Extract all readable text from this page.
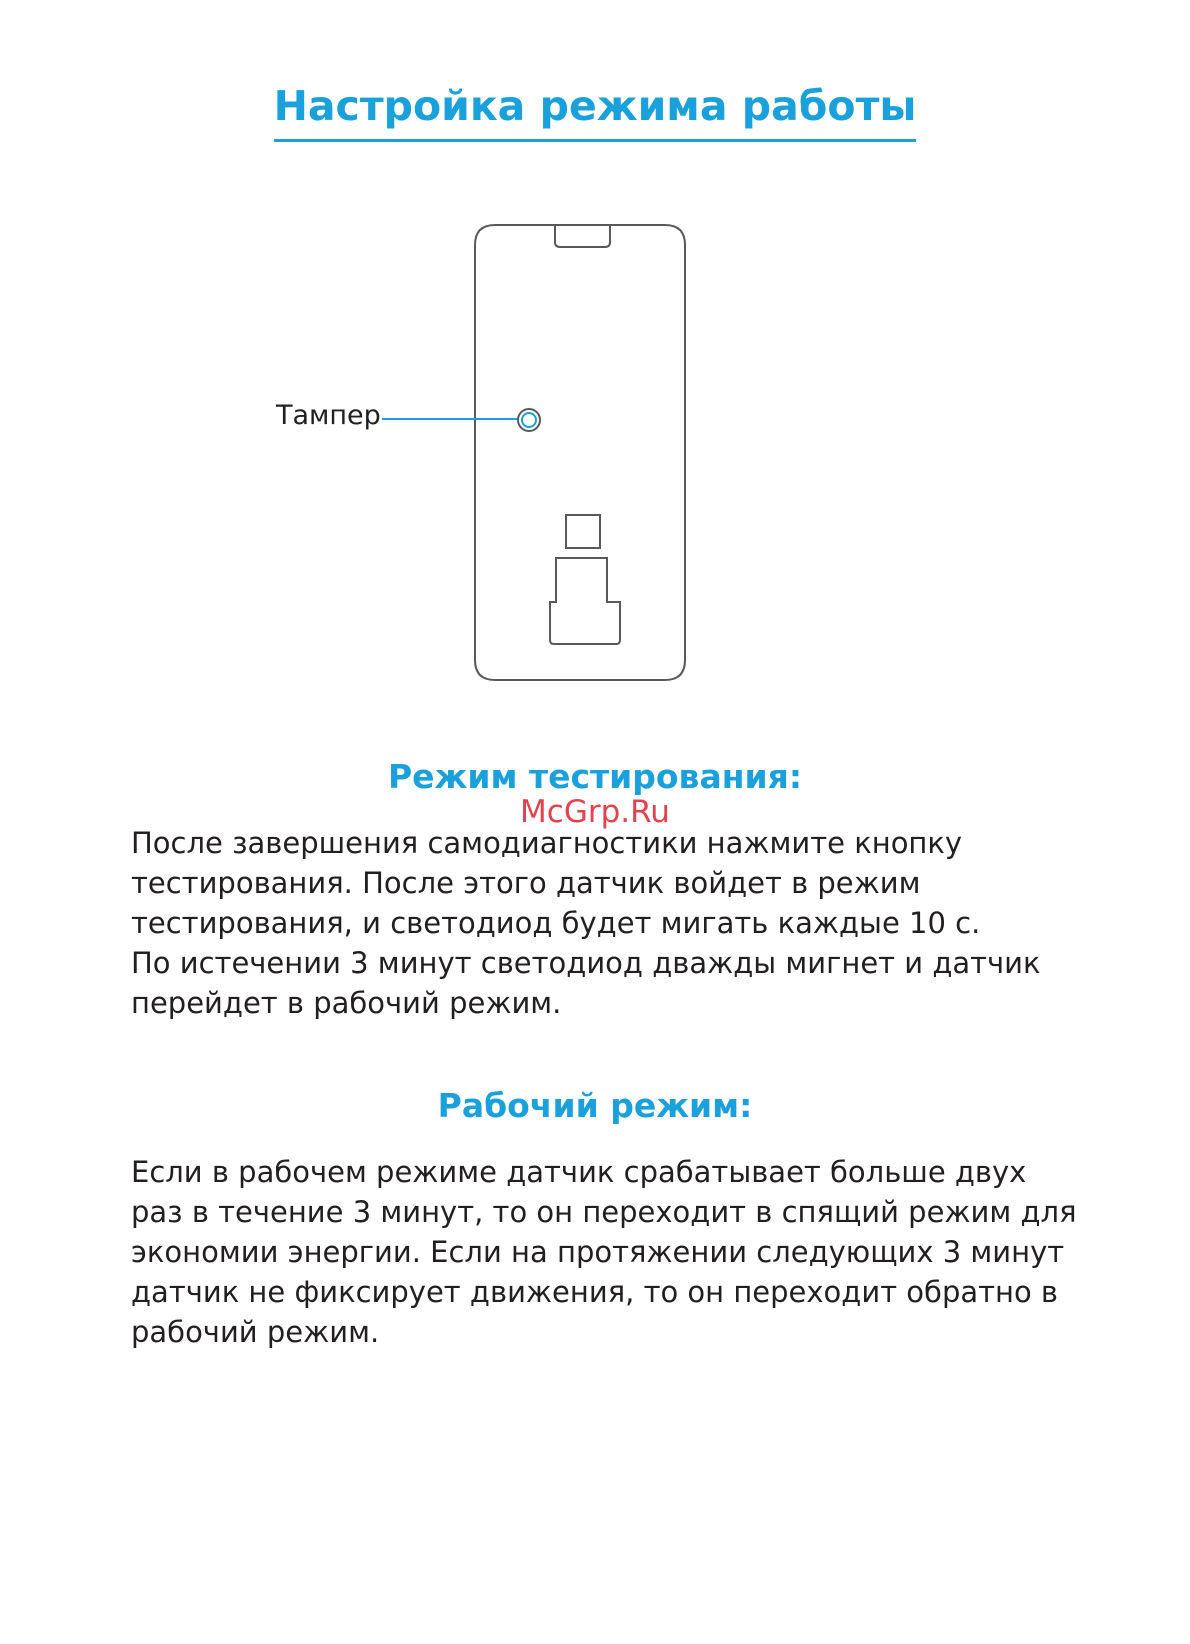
Настройка режима работы
Тампер
Режим тестирования:
McGrp.Ru

После завершения самодиагностики нажмите кнопку
тестирования. После этого датчик войдет в режим
тестирования, и светодиод будет мигать каждые 10 с.
По истечении 3 минут светодиод дважды мигнет и датчик
перейдет в рабочий режим.

Рабочий режим:

Если в рабочем режиме датчик срабатывает больше двух
раз в течение 3 минут, то он переходит в спящий режим для
экономии энергии. Если на протяжении следующих 3 минут
датчик не фиксирует движения, то он переходит обратно в
рабочий режим.
